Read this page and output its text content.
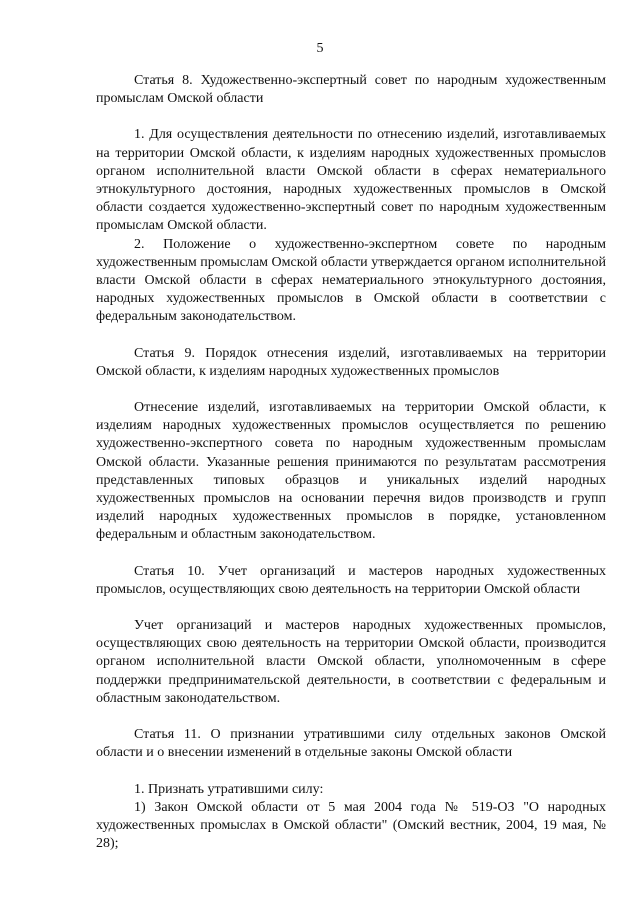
5

Статья 8. Художественно-экспертный совет по народным художественным промыслам Омской области

1. Для осуществления деятельности по отнесению изделий, изготавливаемых на территории Омской области, к изделиям народных художественных промыслов органом исполнительной власти Омской области в сферах нематериального этнокультурного достояния, народных художественных промыслов в Омской области создается художественно-экспертный совет по народным художественным промыслам Омской области.

2. Положение о художественно-экспертном совете по народным художественным промыслам Омской области утверждается органом исполнительной власти Омской области в сферах нематериального этнокультурного достояния, народных художественных промыслов в Омской области в соответствии с федеральным законодательством.

Статья 9. Порядок отнесения изделий, изготавливаемых на территории Омской области, к изделиям народных художественных промыслов

Отнесение изделий, изготавливаемых на территории Омской области, к изделиям народных художественных промыслов осуществляется по решению художественно-экспертного совета по народным художественным промыслам Омской области. Указанные решения принимаются по результатам рассмотрения представленных типовых образцов и уникальных изделий народных художественных промыслов на основании перечня видов производств и групп изделий народных художественных промыслов в порядке, установленном федеральным и областным законодательством.

Статья 10. Учет организаций и мастеров народных художественных промыслов, осуществляющих свою деятельность на территории Омской области

Учет организаций и мастеров народных художественных промыслов, осуществляющих свою деятельность на территории Омской области, производится органом исполнительной власти Омской области, уполномоченным в сфере поддержки предпринимательской деятельности, в соответствии с федеральным и областным законодательством.

Статья 11. О признании утратившими силу отдельных законов Омской области и о внесении изменений в отдельные законы Омской области

1. Признать утратившими силу:

1) Закон Омской области от 5 мая 2004 года № 519-ОЗ "О народных художественных промыслах в Омской области" (Омский вестник, 2004, 19 мая, № 28);
